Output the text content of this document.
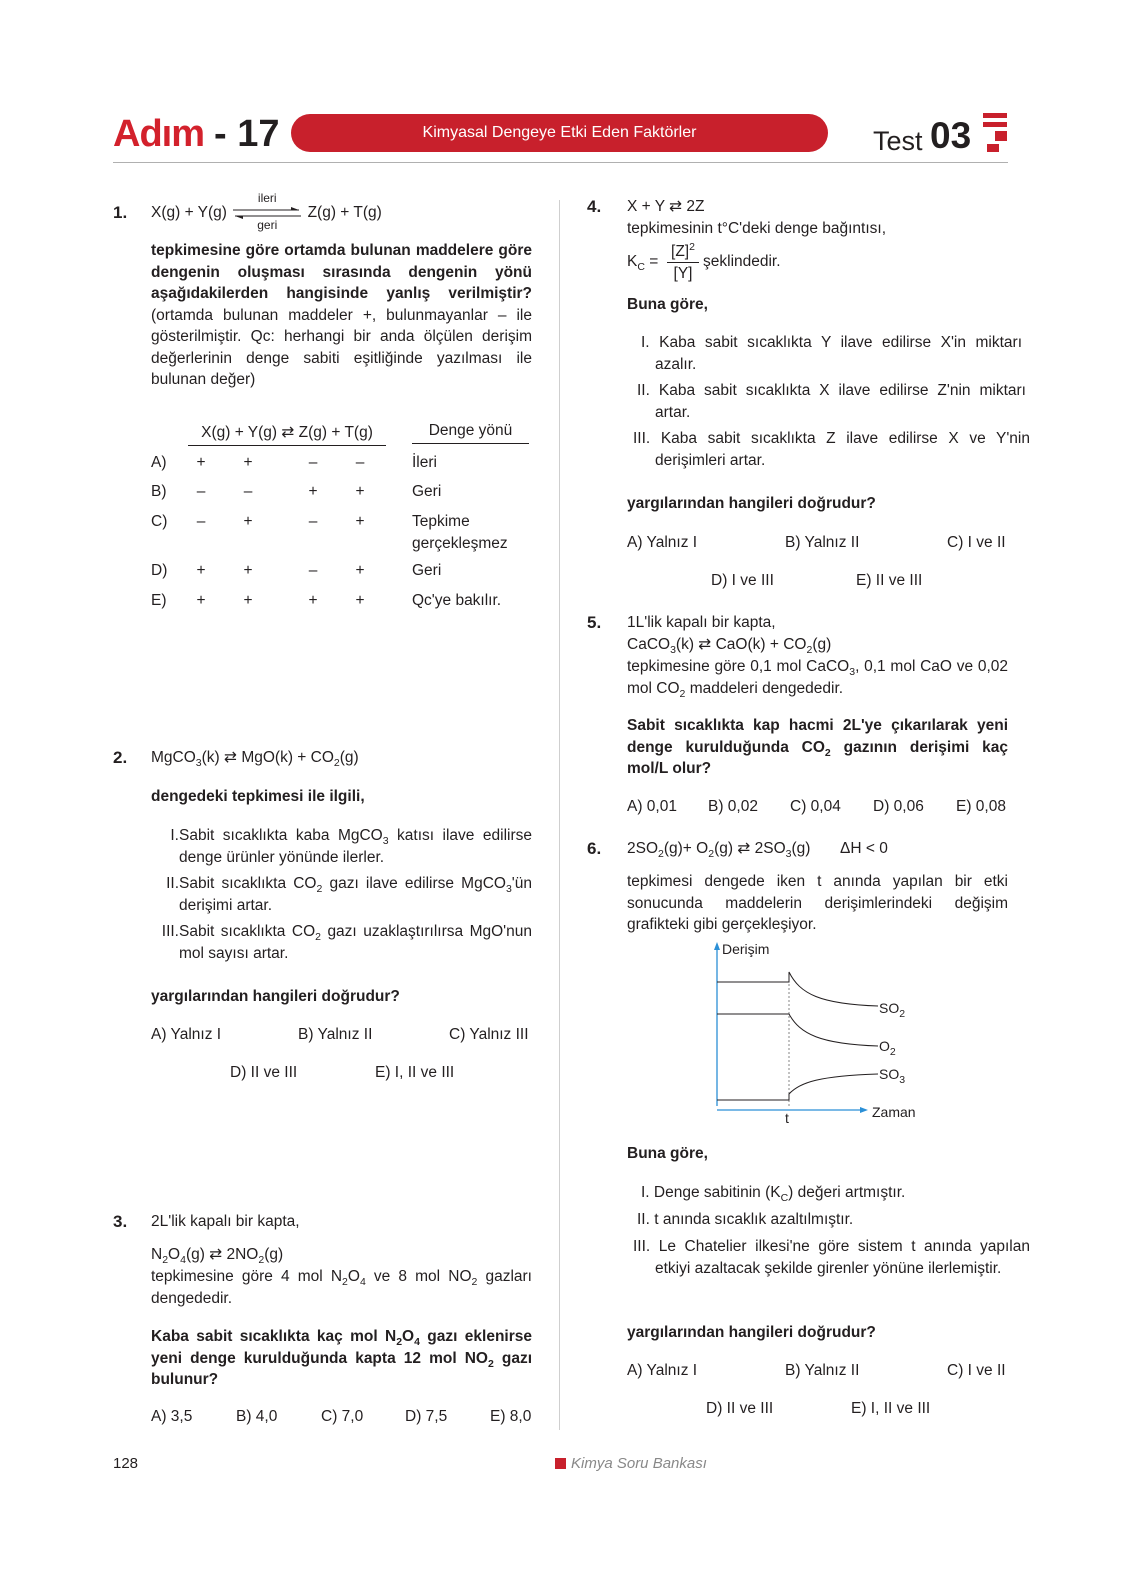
Adım - 17	Kimyasal Dengeye Etki Eden Faktörler	Test 03
1. X(g) + Y(g)
ileri
geri
Z(g) + T(g)
tepkimesine göre ortamda bulunan maddelere göre dengenin oluşması sırasında dengenin yönü aşağıdakilerden hangisinde yanlış verilmiştir? (ortamda bulunan maddeler +, bulunmayanlar – ile gösterilmiştir. Qc: herhangi bir anda ölçülen derişim değerlerinin denge sabiti eşitliğinde yazılması ile bulunan değer)
X(g) + Y(g) ⇄ Z(g) + T(g)	Denge yönü
A)	+	+	–	–	İleri
B)	–	–	+	+	Geri
C)	–	+	–	+	Tepkime gerçekleşmez
D)	+	+	–	+	Geri
E)	+	+	+	+	Qc'ye bakılır.
2. MgCO$_3$(k) ⇄ $MgO(k) + CO_2(g)$
dengedeki tepkimesi ile ilgili,
I. Sabit sıcaklıkta kaba MgCO$_3$ katısı ilave edilirse denge ürünler yönünde ilerler.
II. Sabit sıcaklıkta $CO_2$ gazı ilave edilirse MgCO$_3$'ün derişimi artar.
III. Sabit sıcaklıkta $CO_2$ gazı uzaklaştırılırsa MgO'nun mol sayısı artar.
yargılarından hangileri doğrudur?
A) Yalnız I	B) Yalnız II	C) Yalnız III
D) II ve III	E) I, II ve III
3. 2L'lik kapalı bir kapta,
$N_2O_4(g)$ ⇄ $2NO_2(g)$
tepkimesine göre 4 mol $N_2O_4$ ve 8 mol $NO_2$ gazları dengededir.
Kaba sabit sıcaklıkta kaç mol $N_2O_4$ gazı eklenirse yeni denge kurulduğunda kapta 12 mol $NO_2$ gazı bulunur?
A) 3,5	B) 4,0	C) 7,0	D) 7,5	E) 8,0
4. X + Y ⇄ 2Z
tepkimesinin t°C'deki denge bağıntısı,
$K_C$ =
$[Z]^2$
[Y]
şeklindedir.
Buna göre,
I. Kaba sabit sıcaklıkta Y ilave edilirse X'in miktarı azalır.
II. Kaba sabit sıcaklıkta X ilave edilirse Z'nin miktarı artar.
III. Kaba sabit sıcaklıkta Z ilave edilirse X ve Y'nin derişimleri artar.
yargılarından hangileri doğrudur?
A) Yalnız I	B) Yalnız II	C) I ve II
D) I ve III	E) II ve III
5. 1L'lik kapalı bir kapta,
CaCO$_3$(k) ⇄ $CaO(k) + CO_2(g)$
tepkimesine göre 0,1 mol CaCO$_3$, 0,1 mol CaO ve 0,02 mol $CO_2$ maddeleri dengededir.
Sabit sıcaklıkta kap hacmi 2L'ye çıkarılarak yeni denge kurulduğunda $CO_2$ gazının derişimi kaç mol/L olur?
A) 0,01 B) 0,02 C) 0,04 D) 0,06 E) 0,08
6. $2SO_2(g)+ O_2(g)$ ⇄ $2SO_3(g) \Delta H < 0$
tepkimesi dengede iken t anında yapılan bir etki sonucunda maddelerin derişimlerindeki değişim grafikteki gibi gerçekleşiyor.
Derişim
Zaman
t
$SO_2$
$O_2$
$SO_3$
Buna göre,
I. Denge sabitinin $(K_C)$ değeri artmıştır.
II. t anında sıcaklık azaltılmıştır.
III. Le Chatelier ilkesi'ne göre sistem t anında yapılan etkiyi azaltacak şekilde girenler yönüne ilerlemiştir.
yargılarından hangileri doğrudur?
A) Yalnız I	B) Yalnız II	C) I ve II
D) II ve III	E) I, II ve III
128	Kimya Soru Bankası
